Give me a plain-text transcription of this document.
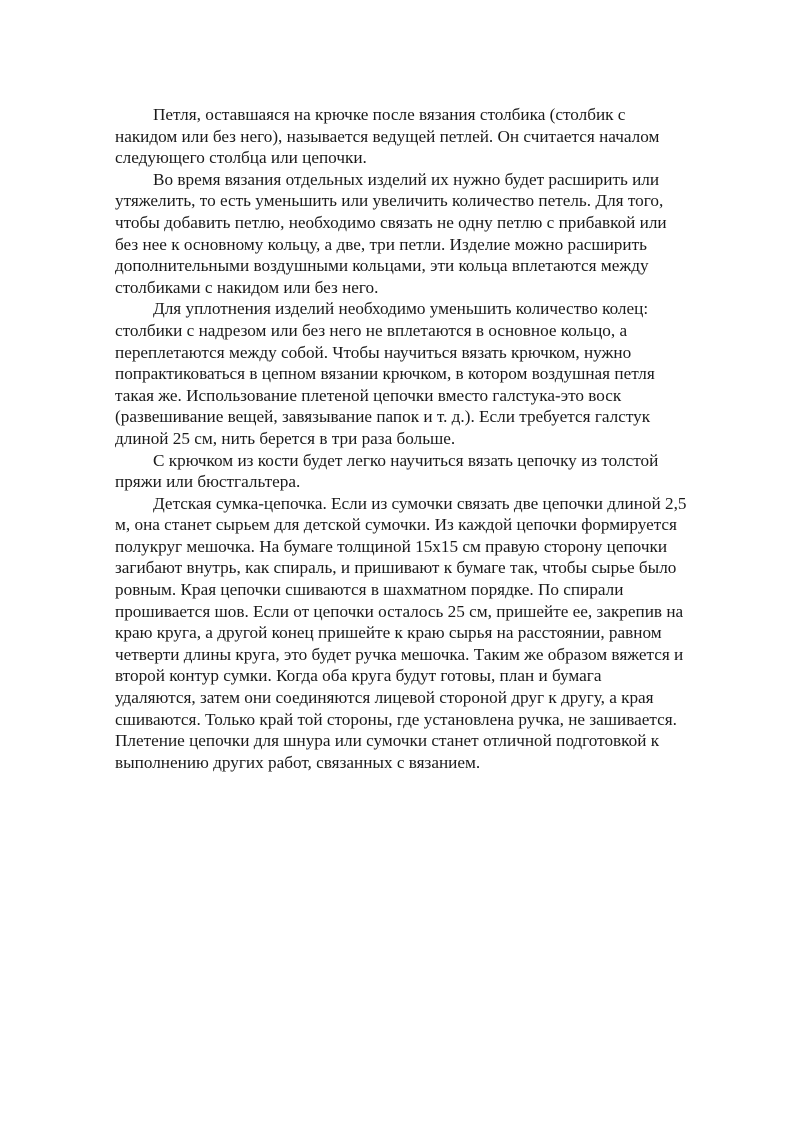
Петля, оставшаяся на крючке после вязания столбика (столбик с
накидом или без него), называется ведущей петлей. Он считается началом
следующего столбца или цепочки.
Во время вязания отдельных изделий их нужно будет расширить или
утяжелить, то есть уменьшить или увеличить количество петель. Для того,
чтобы добавить петлю, необходимо связать не одну петлю с прибавкой или
без нее к основному кольцу, а две, три петли. Изделие можно расширить
дополнительными воздушными кольцами, эти кольца вплетаются между
столбиками с накидом или без него.
Для уплотнения изделий необходимо уменьшить количество колец:
столбики с надрезом или без него не вплетаются в основное кольцо, а
переплетаются между собой. Чтобы научиться вязать крючком, нужно
попрактиковаться в цепном вязании крючком, в котором воздушная петля
такая же. Использование плетеной цепочки вместо галстука-это воск
(развешивание вещей, завязывание папок и т. д.). Если требуется галстук
длиной 25 см, нить берется в три раза больше.
С крючком из кости будет легко научиться вязать цепочку из толстой
пряжи или бюстгальтера.
Детская сумка-цепочка. Если из сумочки связать две цепочки длиной 2,5
м, она станет сырьем для детской сумочки. Из каждой цепочки формируется
полукруг мешочка. На бумаге толщиной 15х15 см правую сторону цепочки
загибают внутрь, как спираль, и пришивают к бумаге так, чтобы сырье было
ровным. Края цепочки сшиваются в шахматном порядке. По спирали
прошивается шов. Если от цепочки осталось 25 см, пришейте ее, закрепив на
краю круга, а другой конец пришейте к краю сырья на расстоянии, равном
четверти длины круга, это будет ручка мешочка. Таким же образом вяжется и
второй контур сумки. Когда оба круга будут готовы, план и бумага
удаляются, затем они соединяются лицевой стороной друг к другу, а края
сшиваются. Только край той стороны, где установлена ручка, не зашивается.
Плетение цепочки для шнура или сумочки станет отличной подготовкой к
выполнению других работ, связанных с вязанием.
